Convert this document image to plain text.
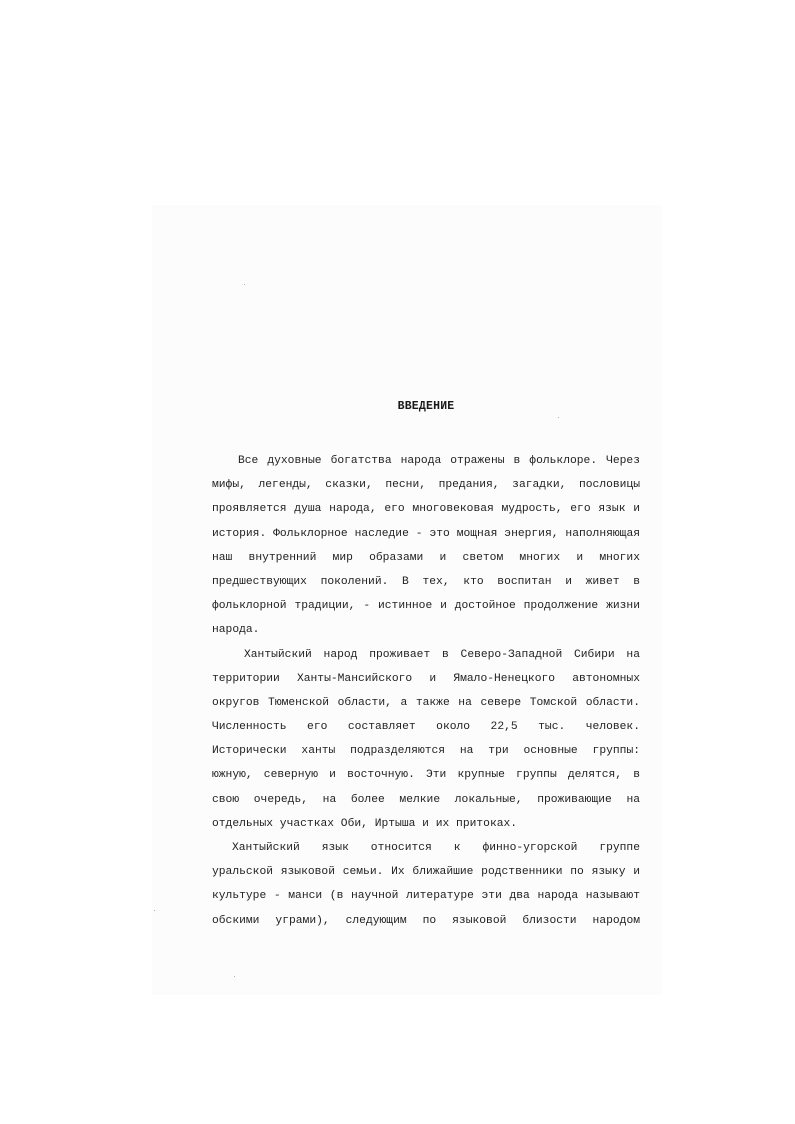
ВВЕДЕНИЕ
Все духовные богатства народа отражены в фольклоре. Через
мифы, легенды, сказки, песни, предания, загадки, пословицы
проявляется душа народа, его многовековая мудрость, его язык и
история. Фольклорное наследие - это мощная энергия, наполняющая
наш внутренний мир образами и светом многих и многих
предшествующих поколений. В тех, кто воспитан и живет в
фольклорной традиции, - истинное и достойное продолжение жизни
народа.
Хантыйский народ проживает в Северо-Западной Сибири на
территории Ханты-Мансийского и Ямало-Ненецкого автономных
округов Тюменской области, а также на севере Томской области.
Численность его составляет около 22,5 тыс. человек.
Исторически ханты подразделяются на три основные группы:
южную, северную и восточную. Эти крупные группы делятся, в
свою очередь, на более мелкие локальные, проживающие на
отдельных участках Оби, Иртыша и их притоках.
Хантыйский язык относится к финно-угорской группе
уральской языковой семьи. Их ближайшие родственники по языку и
культуре - манси (в научной литературе эти два народа называют
обскими уграми), следующим по языковой близости народом
